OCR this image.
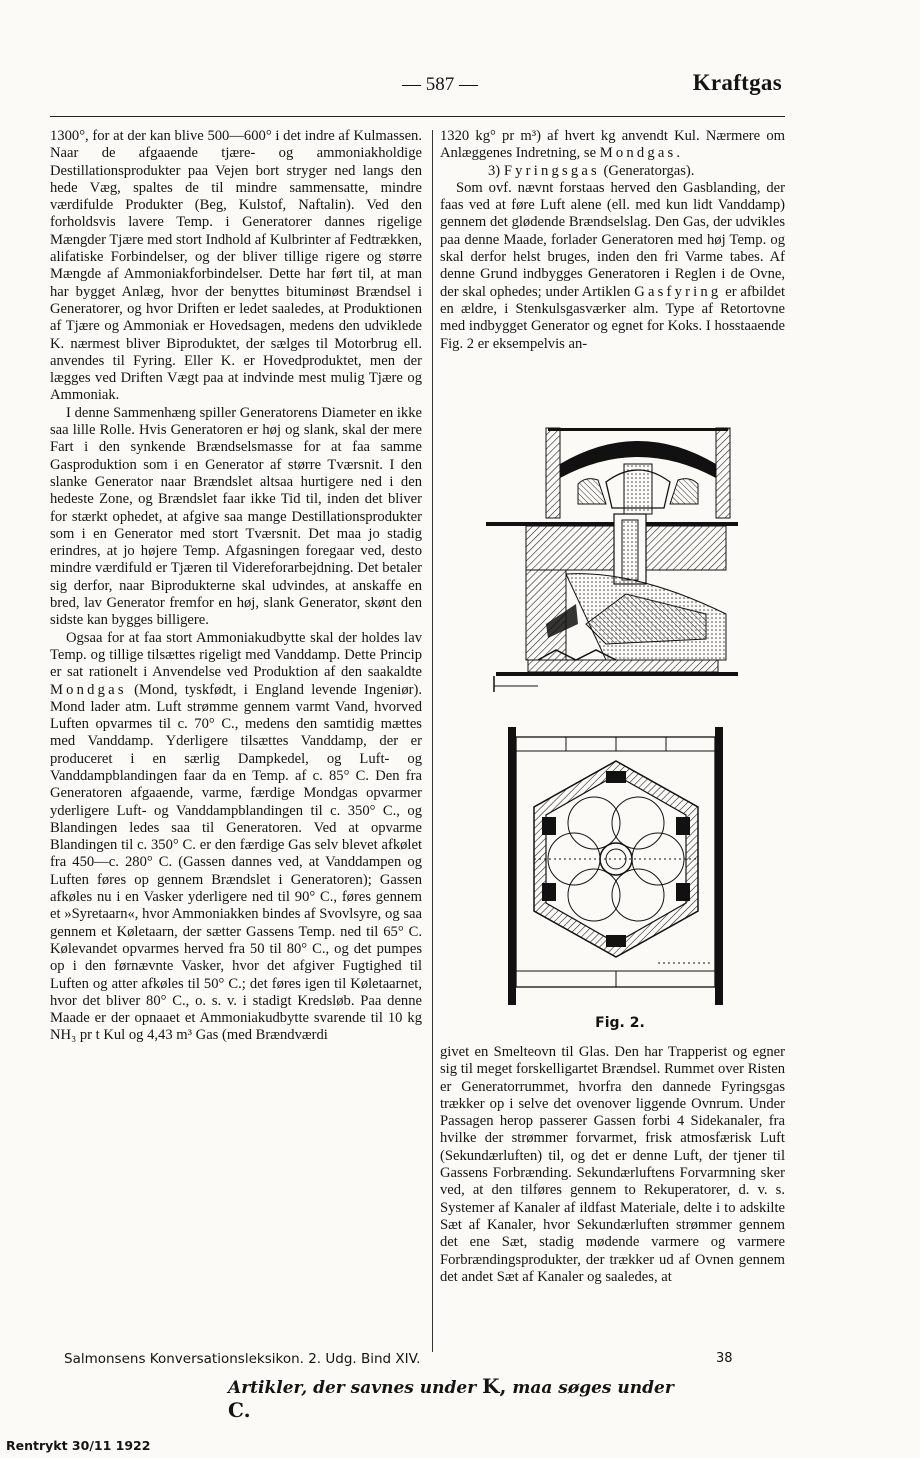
— 587 —	Kraftgas

1300°, for at der kan blive 500—600° i det indre af Kulmassen. Naar de afgaaende tjære- og ammoniakholdige Destillationsprodukter paa Vejen bort stryger ned langs den hede Væg, spaltes de til mindre sammensatte, mindre værdifulde Produkter (Beg, Kulstof, Naftalin). Ved den forholdsvis lavere Temp. i Generatorer dannes rigelige Mængder Tjære med stort Indhold af Kulbrinter af Fedtrækken, alifatiske Forbindelser, og der bliver tillige rigere og større Mængde af Ammoniakforbindelser. Dette har ført til, at man har bygget Anlæg, hvor der benyttes bituminøst Brændsel i Generatorer, og hvor Driften er ledet saaledes, at Produktionen af Tjære og Ammoniak er Hovedsagen, medens den udviklede K. nærmest bliver Biproduktet, der sælges til Motorbrug ell. anvendes til Fyring. Eller K. er Hovedproduktet, men der lægges ved Driften Vægt paa at indvinde mest mulig Tjære og Ammoniak.

I denne Sammenhæng spiller Generatorens Diameter en ikke saa lille Rolle. Hvis Generatoren er høj og slank, skal der mere Fart i den synkende Brændselsmasse for at faa samme Gasproduktion som i en Generator af større Tværsnit. I den slanke Generator naar Brændslet altsaa hurtigere ned i den hedeste Zone, og Brændslet faar ikke Tid til, inden det bliver for stærkt ophedet, at afgive saa mange Destillationsprodukter som i en Generator med stort Tværsnit. Det maa jo stadig erindres, at jo højere Temp. Afgasningen foregaar ved, desto mindre værdifuld er Tjæren til Videreforarbejdning. Det betaler sig derfor, naar Biprodukterne skal udvindes, at anskaffe en bred, lav Generator fremfor en høj, slank Generator, skønt den sidste kan bygges billigere.

Ogsaa for at faa stort Ammoniakudbytte skal der holdes lav Temp. og tillige tilsættes rigeligt med Vanddamp. Dette Princip er sat rationelt i Anvendelse ved Produktion af den saakaldte Mondgas (Mond, tyskfødt, i England levende Ingeniør). Mond lader atm. Luft strømme gennem varmt Vand, hvorved Luften opvarmes til c. 70° C., medens den samtidig mættes med Vanddamp. Yderligere tilsættes Vanddamp, der er produceret i en særlig Dampkedel, og Luft- og Vanddampblandingen faar da en Temp. af c. 85° C. Den fra Generatoren afgaaende, varme, færdige Mondgas opvarmer yderligere Luft- og Vanddampblandingen til c. 350° C., og Blandingen ledes saa til Generatoren. Ved at opvarme Blandingen til c. 350° C. er den færdige Gas selv blevet afkølet fra 450—c. 280° C. (Gassen dannes ved, at Vanddampen og Luften føres op gennem Brændslet i Generatoren); Gassen afkøles nu i en Vasker yderligere ned til 90° C., føres gennem et »Syretaarn«, hvor Ammoniakken bindes af Svovlsyre, og saa gennem et Køletaarn, der sætter Gassens Temp. ned til 65° C. Kølevandet opvarmes herved fra 50 til 80° C., og det pumpes op i den førnævnte Vasker, hvor det afgiver Fugtighed til Luften og atter afkøles til 50° C.; det føres igen til Køletaarnet, hvor det bliver 80° C., o. s. v. i stadigt Kredsløb. Paa denne Maade er der opnaaet et Ammoniakudbytte svarende til 10 kg NH₃ pr t Kul og 4,43 m³ Gas (med Brændværdi

1320 kg° pr m³) af hvert kg anvendt Kul. Nærmere om Anlæggenes Indretning, se Mondgas.

3) Fyringsgas (Generatorgas).

Som ovf. nævnt forstaas herved den Gasblanding, der faas ved at føre Luft alene (ell. med kun lidt Vanddamp) gennem det glødende Brændselslag. Den Gas, der udvikles paa denne Maade, forlader Generatoren med høj Temp. og skal derfor helst bruges, inden den fri Varme tabes. Af denne Grund indbygges Generatoren i Reglen i de Ovne, der skal ophedes; under Artiklen Gasfyring er afbildet en ældre, i Stenkulsgasværker alm. Type af Retortovne med indbygget Generator og egnet for Koks. I hosstaaende Fig. 2 er eksempelvis an-

Fig. 2.

givet en Smelteovn til Glas. Den har Trapperist og egner sig til meget forskelligartet Brændsel. Rummet over Risten er Generatorrummet, hvorfra den dannede Fyringsgas trækker op i selve det ovenover liggende Ovnrum. Under Passagen herop passerer Gassen forbi 4 Sidekanaler, fra hvilke der strømmer forvarmet, frisk atmosfærisk Luft (Sekundærluften) til, og det er denne Luft, der tjener til Gassens Forbrænding. Sekundærluftens Forvarmning sker ved, at den tilføres gennem to Rekuperatorer, d. v. s. Systemer af Kanaler af ildfast Materiale, delte i to adskilte Sæt af Kanaler, hvor Sekundærluften strømmer gennem det ene Sæt, stadig mødende varmere og varmere Forbrændingsprodukter, der trækker ud af Ovnen gennem det andet Sæt af Kanaler og saaledes, at

Salmonsens Konversationsleksikon. 2. Udg. Bind XIV.	38
Artikler, der savnes under K, maa søges under C.
Rentrykt 30/11 1922
